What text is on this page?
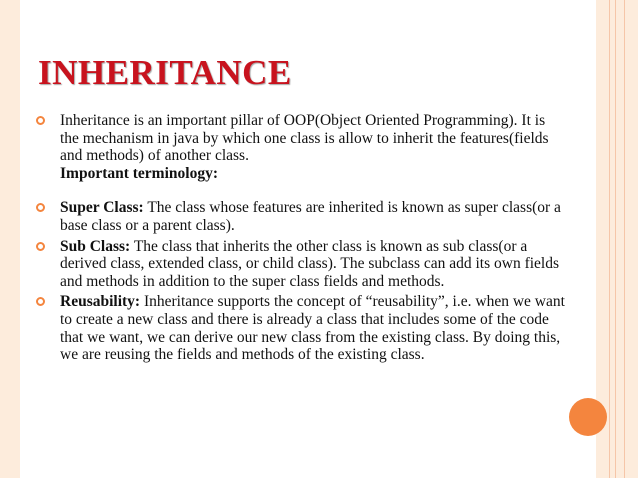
INHERITANCE
Inheritance is an important pillar of OOP(Object Oriented Programming). It is the mechanism in java by which one class is allow to inherit the features(fields and methods) of another class.
Important terminology:
Super Class: The class whose features are inherited is known as super class(or a base class or a parent class).
Sub Class: The class that inherits the other class is known as sub class(or a derived class, extended class, or child class). The subclass can add its own fields and methods in addition to the super class fields and methods.
Reusability: Inheritance supports the concept of “reusability”, i.e. when we want to create a new class and there is already a class that includes some of the code that we want, we can derive our new class from the existing class. By doing this, we are reusing the fields and methods of the existing class.
